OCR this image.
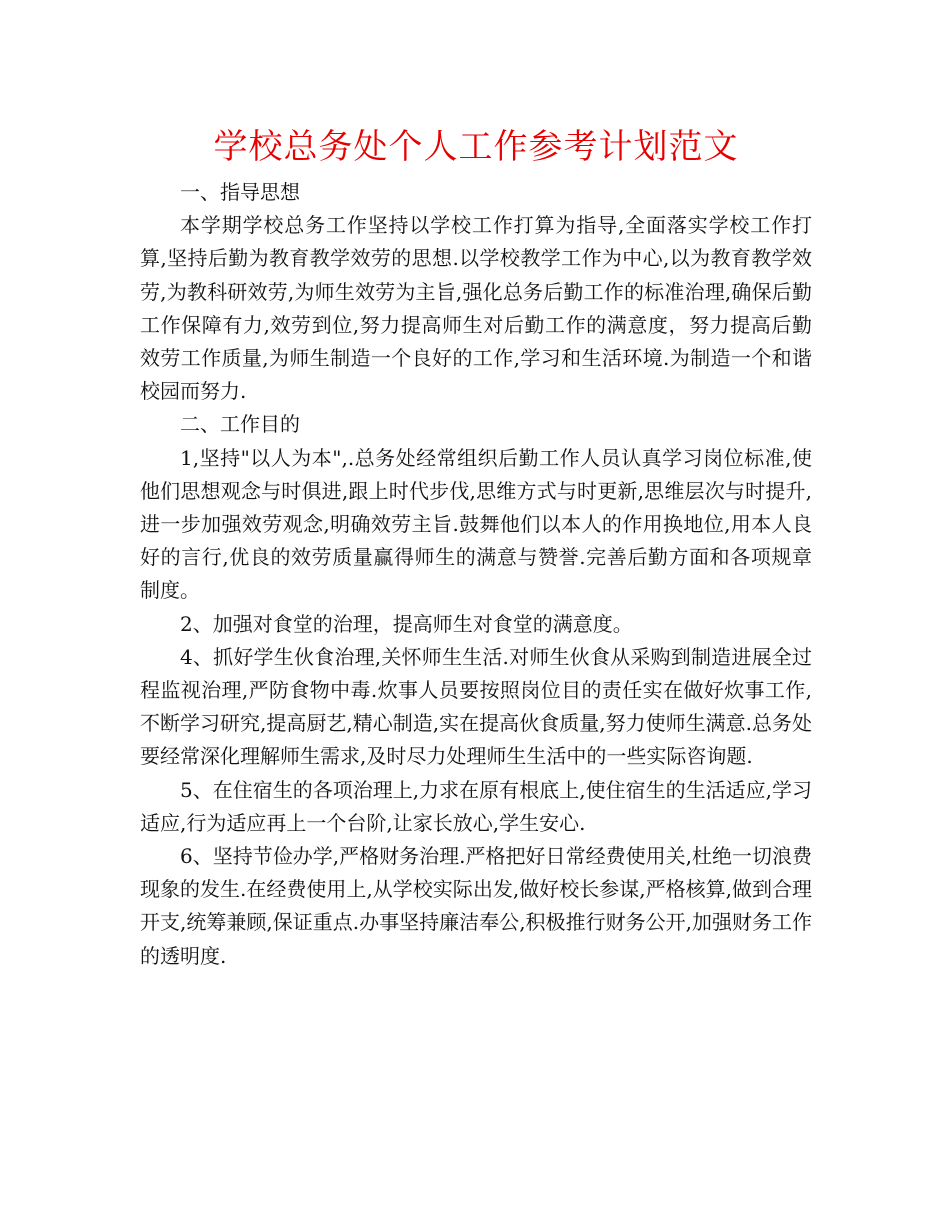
学校总务处个人工作参考计划范文

一、指导思想

本学期学校总务工作坚持以学校工作打算为指导,全面落实学校工作打算,坚持后勤为教育教学效劳的思想.以学校教学工作为中心,以为教育教学效劳,为教科研效劳,为师生效劳为主旨,强化总务后勤工作的标准治理,确保后勤工作保障有力,效劳到位,努力提高师生对后勤工作的满意度，努力提高后勤效劳工作质量,为师生制造一个良好的工作,学习和生活环境.为制造一个和谐校园而努力.

二、工作目的

1,坚持"以人为本",.总务处经常组织后勤工作人员认真学习岗位标准,使他们思想观念与时俱进,跟上时代步伐,思维方式与时更新,思维层次与时提升,进一步加强效劳观念,明确效劳主旨.鼓舞他们以本人的作用换地位,用本人良好的言行,优良的效劳质量赢得师生的满意与赞誉.完善后勤方面和各项规章制度。

2、加强对食堂的治理，提高师生对食堂的满意度。

4、抓好学生伙食治理,关怀师生生活.对师生伙食从采购到制造进展全过程监视治理,严防食物中毒.炊事人员要按照岗位目的责任实在做好炊事工作,不断学习研究,提高厨艺,精心制造,实在提高伙食质量,努力使师生满意.总务处要经常深化理解师生需求,及时尽力处理师生生活中的一些实际咨询题.

5、在住宿生的各项治理上,力求在原有根底上,使住宿生的生活适应,学习适应,行为适应再上一个台阶,让家长放心,学生安心.

6、坚持节俭办学,严格财务治理.严格把好日常经费使用关,杜绝一切浪费现象的发生.在经费使用上,从学校实际出发,做好校长参谋,严格核算,做到合理开支,统筹兼顾,保证重点.办事坚持廉洁奉公,积极推行财务公开,加强财务工作的透明度.
